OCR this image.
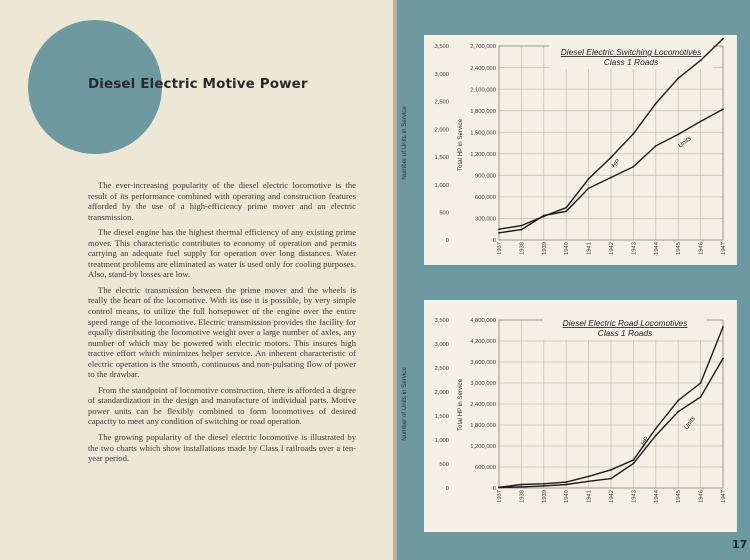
Diesel Electric Motive Power

The ever-increasing popularity of the diesel electric locomotive is the result of its performance combined with operating and construction features afforded by the use of a high-efficiency prime mover and an electric transmission.

The diesel engine has the highest thermal efficiency of any existing prime mover. This characteristic contributes to economy of operation and permits carrying an adequate fuel supply for operation over long distances. Water treatment problems are eliminated as water is used only for cooling purposes. Also, stand-by losses are low.

The electric transmission between the prime mover and the wheels is really the heart of the locomotive. With its use it is possible, by very simple control means, to utilize the full horsepower of the engine over the entire speed range of the locomotive. Electric transmission provides the facility for equally distributing the locomotive weight over a large number of axles, any number of which may be powered with electric motors. This insures high tractive effort which minimizes helper service. An inherent characteristic of electric operation is the smooth, continuous and non-pulsating flow of power to the drawbar.

From the standpoint of locomotive construction, there is afforded a degree of standardization in the design and manufacture of individual parts. Motive power units can be flexibly combined to form locomotives of desired capacity to meet any condition of switching or road operation.

The growing popularity of the diesel electric locomotive is illustrated by the two charts which show installations made by Class I railroads over a ten-year period.

0
300,000
600,000
900,000
1,200,000
1,500,000
1,800,000
2,100,000
2,400,000
2,700,000
0
500
1,000
1,500
2,000
2,500
3,000
3,500
1937	1938	1939	1940	1941	1942	1943	1944	1945	1946	1947
Number of Units in Service	Total HP in Service
Diesel Electric Switching Locomotives
Class 1 Roads
HP
Units
0
600,000
1,200,000
1,800,000
2,400,000
3,000,000
3,600,000
4,200,000
4,800,000
0
500
1,000
1,500
2,000
2,500
3,000
3,500
1937	1938	1939	1940	1941	1942	1943	1944	1945	1946	1947
Number of Units in Service	Total HP in Service
Diesel Electric Road Locomotives
Class 1 Roads
HP
Units
17
